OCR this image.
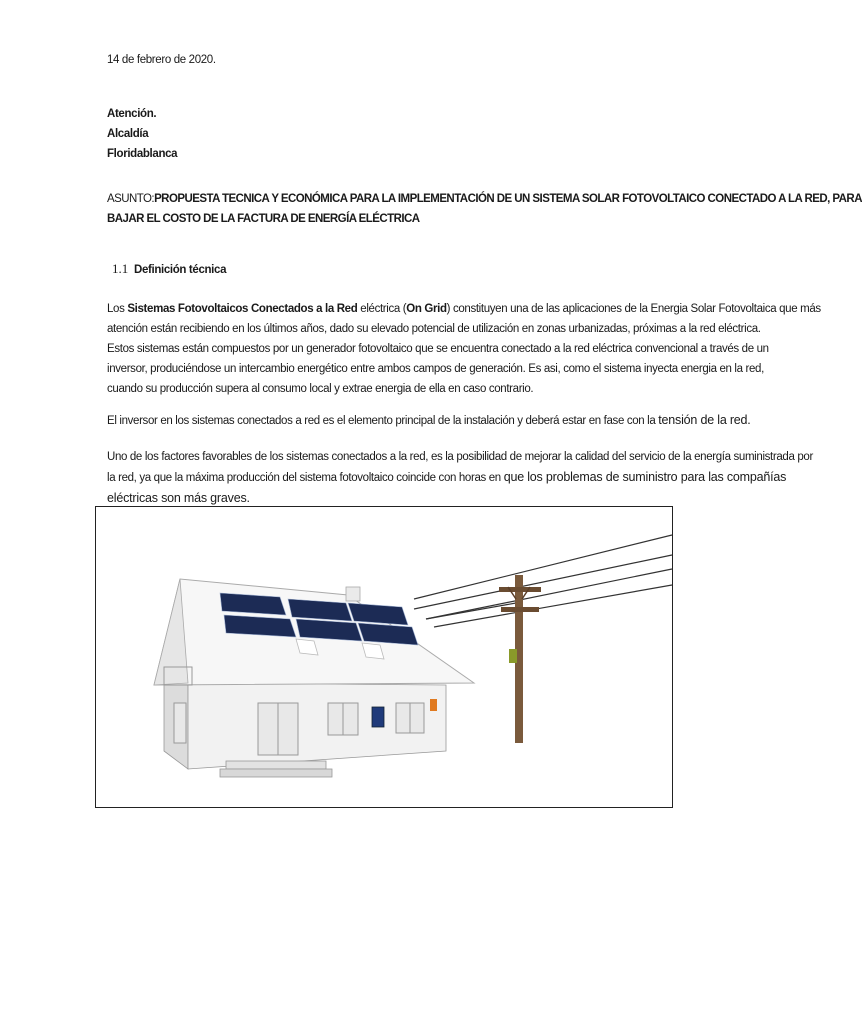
14 de febrero de 2020.
Atención.
Alcaldía
Floridablanca
ASUNTO:PROPUESTA TECNICA Y ECONÓMICA PARA LA IMPLEMENTACIÓN DE UN SISTEMA SOLAR FOTOVOLTAICO CONECTADO A LA RED, PARA
BAJAR EL COSTO DE LA FACTURA DE ENERGÍA ELÉCTRICA
1.1 Definición técnica
Los Sistemas Fotovoltaicos Conectados a la Red eléctrica (On Grid) constituyen una de las aplicaciones de la Energia Solar Fotovoltaica que más
atención están recibiendo en los últimos años, dado su elevado potencial de utilización en zonas urbanizadas, próximas a la red eléctrica.
Estos sistemas están compuestos por un generador fotovoltaico que se encuentra conectado a la red eléctrica convencional a través de un
inversor, produciéndose un intercambio energético entre ambos campos de generación. Es asi, como el sistema inyecta energia en la red,
cuando su producción supera al consumo local y extrae energia de ella en caso contrario.
El inversor en los sistemas conectados a red es el elemento principal de la instalación y deberá estar en fase con la tensión de la red.
Uno de los factores favorables de los sistemas conectados a la red, es la posibilidad de mejorar la calidad del servicio de la energía suministrada por
la red, ya que la máxima producción del sistema fotovoltaico coincide con horas en que los problemas de suministro para las compañías
eléctricas son más graves.
